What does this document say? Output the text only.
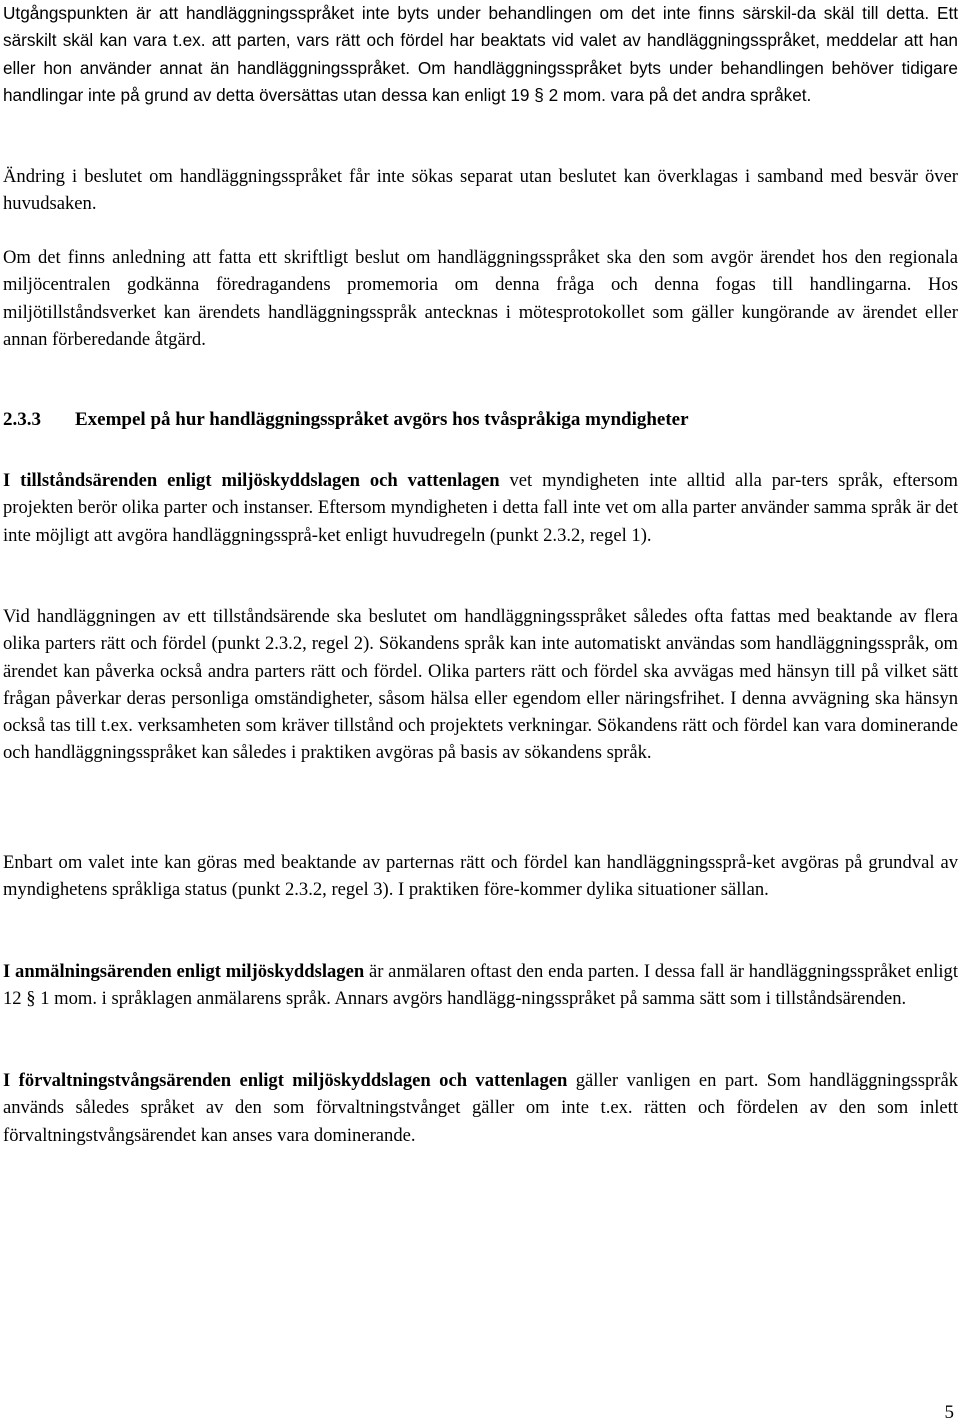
Utgångspunkten är att handläggningsspråket inte byts under behandlingen om det inte finns särskil-da skäl till detta. Ett särskilt skäl kan vara t.ex. att parten, vars rätt och fördel har beaktats vid valet av handläggningsspråket, meddelar att han eller hon använder annat än handläggningsspråket. Om handläggningsspråket byts under behandlingen behöver tidigare handlingar inte på grund av detta översättas utan dessa kan enligt 19 § 2 mom. vara på det andra språket.

Ändring i beslutet om handläggningsspråket får inte sökas separat utan beslutet kan överklagas i samband med besvär över huvudsaken.

Om det finns anledning att fatta ett skriftligt beslut om handläggningsspråket ska den som avgör ärendet hos den regionala miljöcentralen godkänna föredragandens promemoria om denna fråga och denna fogas till handlingarna. Hos miljötillståndsverket kan ärendets handläggningsspråk antecknas i mötesprotokollet som gäller kungörande av ärendet eller annan förberedande åtgärd.

2.3.3 Exempel på hur handläggningsspråket avgörs hos tvåspråkiga myndigheter

I tillståndsärenden enligt miljöskyddslagen och vattenlagen vet myndigheten inte alltid alla par-ters språk, eftersom projekten berör olika parter och instanser. Eftersom myndigheten i detta fall inte vet om alla parter använder samma språk är det inte möjligt att avgöra handläggningssprå-ket enligt huvudregeln (punkt 2.3.2, regel 1).

Vid handläggningen av ett tillståndsärende ska beslutet om handläggningsspråket således ofta fattas med beaktande av flera olika parters rätt och fördel (punkt 2.3.2, regel 2). Sökandens språk kan inte automatiskt användas som handläggningsspråk, om ärendet kan påverka också andra parters rätt och fördel. Olika parters rätt och fördel ska avvägas med hänsyn till på vilket sätt frågan påverkar deras personliga omständigheter, såsom hälsa eller egendom eller näringsfrihet. I denna avvägning ska hänsyn också tas till t.ex. verksamheten som kräver tillstånd och projektets verkningar. Sökandens rätt och fördel kan vara dominerande och handläggningsspråket kan således i praktiken avgöras på basis av sökandens språk.

Enbart om valet inte kan göras med beaktande av parternas rätt och fördel kan handläggningssprå-ket avgöras på grundval av myndighetens språkliga status (punkt 2.3.2, regel 3). I praktiken före-kommer dylika situationer sällan.

I anmälningsärenden enligt miljöskyddslagen är anmälaren oftast den enda parten. I dessa fall är handläggningsspråket enligt 12 § 1 mom. i språklagen anmälarens språk. Annars avgörs handlägg-ningsspråket på samma sätt som i tillståndsärenden.

I förvaltningstvångsärenden enligt miljöskyddslagen och vattenlagen gäller vanligen en part. Som handläggningsspråk används således språket av den som förvaltningstvånget gäller om inte t.ex. rätten och fördelen av den som inlett förvaltningstvångsärendet kan anses vara dominerande.

5
